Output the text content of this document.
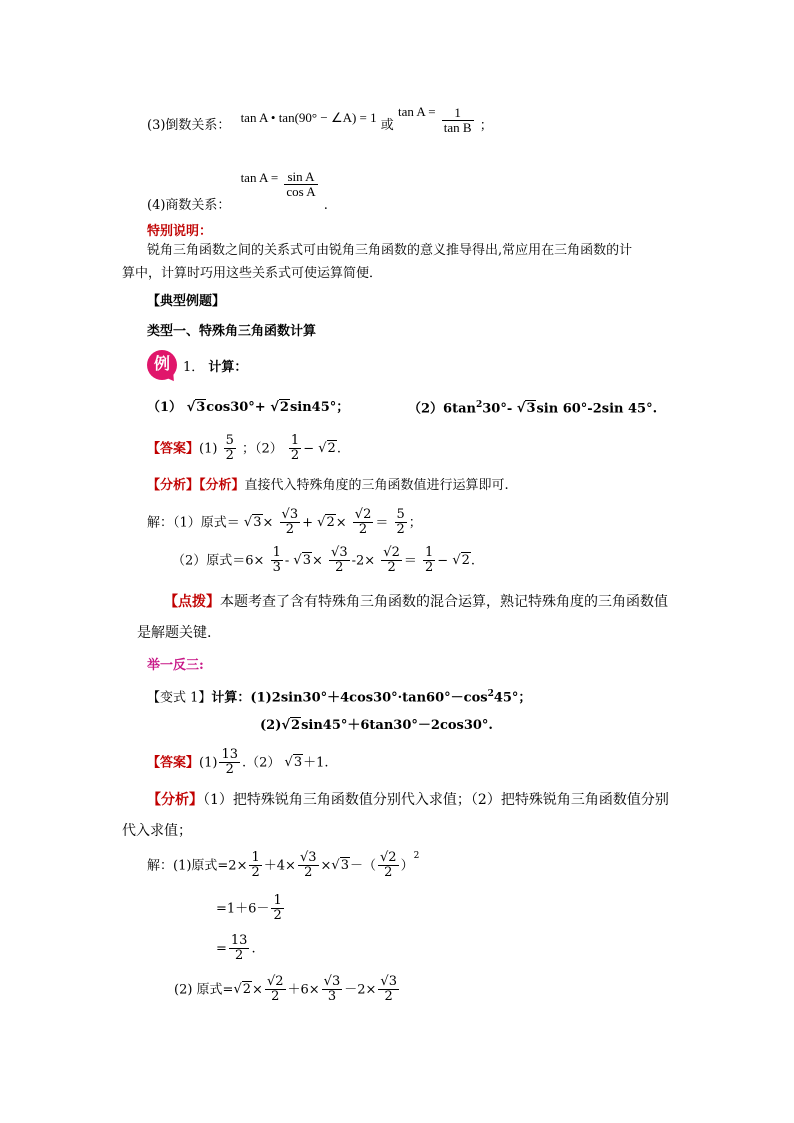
(3)倒数关系： tan A • tan(90° − ∠A) = 1 或 $\tan A = \frac{1}{\text{tan B}}$ ；
(4)商数关系： $\tan A = \frac{\text{sin A}}{\text{cos A}}$
.
特别说明：
锐角三角函数之间的关系式可由锐角三角函数的意义推导得出,常应用在三角函数的计
算中，计算时巧用这些关系式可使运算简便．
【典型例题】
类型一、特殊角三角函数计算
例	1． 计算：
（1） √3cos30°+ √2sin45°；	$(2)6\tan^230^\circ-$ √3sin 60°-2sin 45°.
【答案】$(1) \frac{5}{2}$ ；$(2) \frac{1}{2} - √2$.
【分析】【分析】直接代入特殊角度的三角函数值进行运算即可.
解：（1）原式＝ $√3\times \frac{√3}{2} + √2\times \frac{√2}{2} = \frac{5}{2}$ ；
（2）原式$=6\times \frac{1}{3} - √3\times \frac{√3}{2} -2\times \frac{√2}{2} = \frac{1}{2} - √2$.
【点拨】本题考查了含有特殊角三角函数的混合运算，熟记特殊角度的三角函数值
是解题关键.
举一反三:
【变式 1】计算：$(1)2\sin 30^\circ+4\cos 30^\circ\cdot\tan 60^\circ-\cos^245^\circ$；
(2)√2sin45°＋6tan30°－2cos30°.
【答案】$(1) \frac{13}{2} .(2)$ √3＋1.
【分析】（1）把特殊锐角三角函数值分别代入求值；（2）把特殊锐角三角函数值分别
代入求值；
解：(1)原式$=2\times \frac{1}{2} +4\times \frac{√3}{2} \times√3-( \frac{√2}{2} )^2$
$=1+6- \frac{1}{2}$
= $\frac{13}{2}$ .
(2) 原式$=√2\times \frac{√2}{2} +6\times \frac{√3}{3} -2\times \frac{√3}{2}$
